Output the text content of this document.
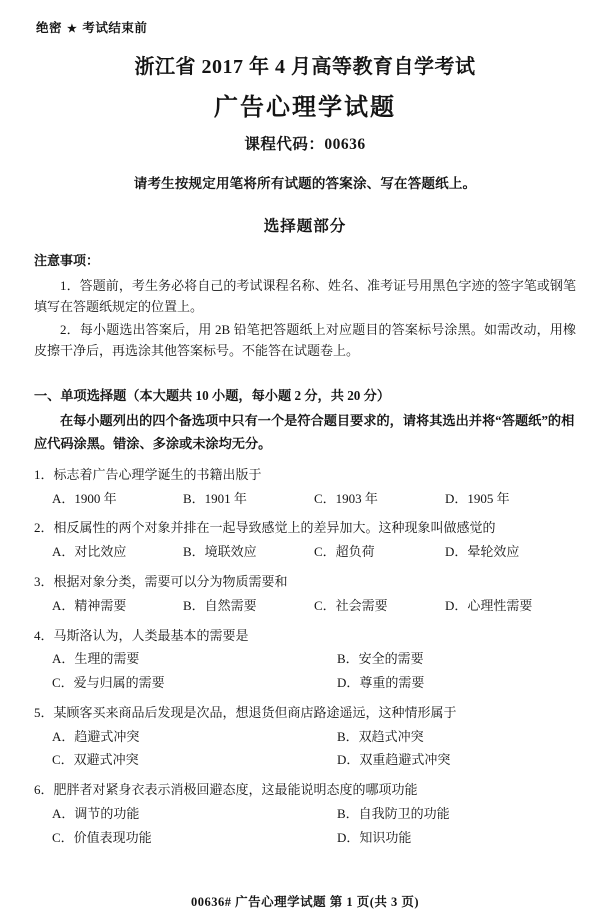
绝密 ★ 考试结束前
浙江省 2017 年 4 月高等教育自学考试
广告心理学试题
课程代码：00636
请考生按规定用笔将所有试题的答案涂、写在答题纸上。
选择题部分
注意事项：
1．答题前，考生务必将自己的考试课程名称、姓名、准考证号用黑色字迹的签字笔或钢笔填写在答题纸规定的位置上。
2．每小题选出答案后，用 2B 铅笔把答题纸上对应题目的答案标号涂黑。如需改动，用橡皮擦干净后，再选涂其他答案标号。不能答在试题卷上。
一、单项选择题（本大题共 10 小题，每小题 2 分，共 20 分）
在每小题列出的四个备选项中只有一个是符合题目要求的，请将其选出并将“答题纸”的相应代码涂黑。错涂、多涂或未涂均无分。
1．标志着广告心理学诞生的书籍出版于
A．1900 年	B．1901 年	C．1903 年	D．1905 年
2．相反属性的两个对象并排在一起导致感觉上的差异加大。这种现象叫做感觉的
A．对比效应	B．境联效应	C．超负荷	D．晕轮效应
3．根据对象分类，需要可以分为物质需要和
A．精神需要	B．自然需要	C．社会需要	D．心理性需要
4．马斯洛认为，人类最基本的需要是
A．生理的需要	B．安全的需要
C．爱与归属的需要	D．尊重的需要
5．某顾客买来商品后发现是次品，想退货但商店路途遥远，这种情形属于
A．趋避式冲突	B．双趋式冲突
C．双避式冲突	D．双重趋避式冲突
6．肥胖者对紧身衣表示消极回避态度，这最能说明态度的哪项功能
A．调节的功能	B．自我防卫的功能
C．价值表现功能	D．知识功能
00636# 广告心理学试题 第 1 页(共 3 页)
